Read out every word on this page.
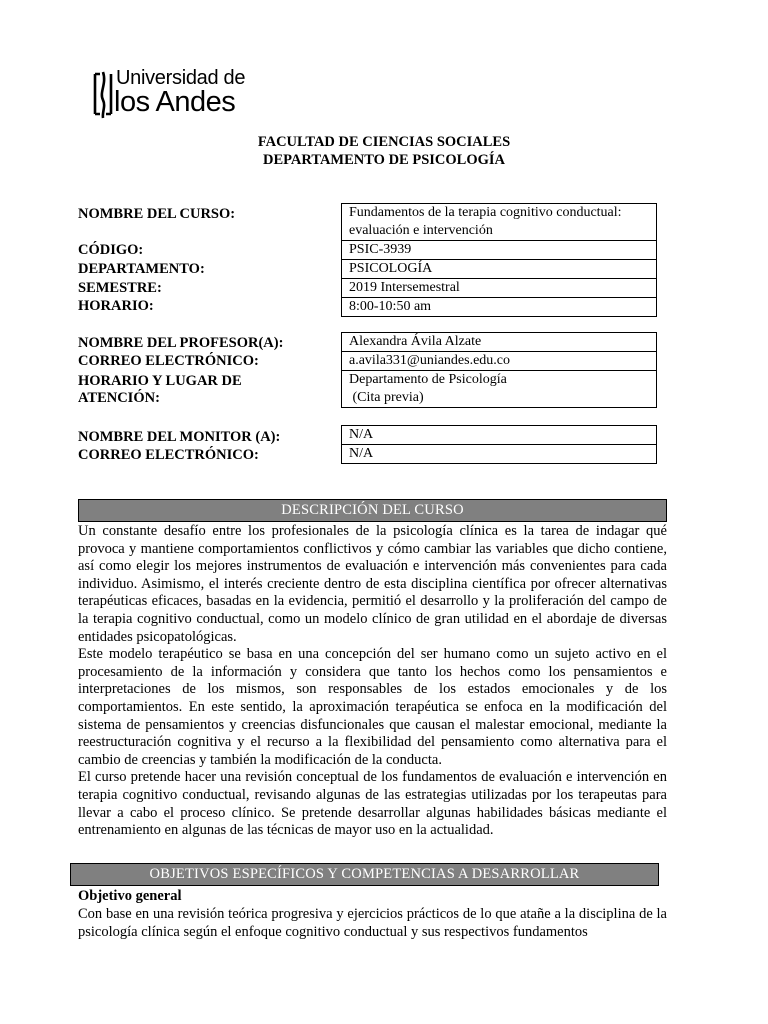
Universidad de
los Andes
FACULTAD DE CIENCIAS SOCIALES
DEPARTAMENTO DE PSICOLOGÍA
NOMBRE DEL CURSO:
CÓDIGO:
DEPARTAMENTO:
SEMESTRE:
HORARIO:
Fundamentos de la terapia cognitivo conductual:
evaluación e intervención
PSIC-3939
PSICOLOGÍA
2019 Intersemestral
8:00-10:50 am
NOMBRE DEL PROFESOR(A):
CORREO ELECTRÓNICO:
HORARIO Y LUGAR DE
ATENCIÓN:
Alexandra Ávila Alzate
a.avila331@uniandes.edu.co
Departamento de Psicología
(Cita previa)
NOMBRE DEL MONITOR (A):
CORREO ELECTRÓNICO:
N/A
N/A
DESCRIPCIÓN DEL CURSO

Un constante desafío entre los profesionales de la psicología clínica es la tarea de indagar qué provoca y mantiene comportamientos conflictivos y cómo cambiar las variables que dicho contiene, así como elegir los mejores instrumentos de evaluación e intervención más convenientes para cada individuo. Asimismo, el interés creciente dentro de esta disciplina científica por ofrecer alternativas terapéuticas eficaces, basadas en la evidencia, permitió el desarrollo y la proliferación del campo de la terapia cognitivo conductual, como un modelo clínico de gran utilidad en el abordaje de diversas entidades psicopatológicas.

Este modelo terapéutico se basa en una concepción del ser humano como un sujeto activo en el procesamiento de la información y considera que tanto los hechos como los pensamientos e interpretaciones de los mismos, son responsables de los estados emocionales y de los comportamientos. En este sentido, la aproximación terapéutica se enfoca en la modificación del sistema de pensamientos y creencias disfuncionales que causan el malestar emocional, mediante la reestructuración cognitiva y el recurso a la flexibilidad del pensamiento como alternativa para el cambio de creencias y también la modificación de la conducta.

El curso pretende hacer una revisión conceptual de los fundamentos de evaluación e intervención en terapia cognitivo conductual, revisando algunas de las estrategias utilizadas por los terapeutas para llevar a cabo el proceso clínico. Se pretende desarrollar algunas habilidades básicas mediante el entrenamiento en algunas de las técnicas de mayor uso en la actualidad.

OBJETIVOS ESPECÍFICOS Y COMPETENCIAS A DESARROLLAR
Objetivo general
Con base en una revisión teórica progresiva y ejercicios prácticos de lo que atañe a la disciplina de la psicología clínica según el enfoque cognitivo conductual y sus respectivos fundamentos
